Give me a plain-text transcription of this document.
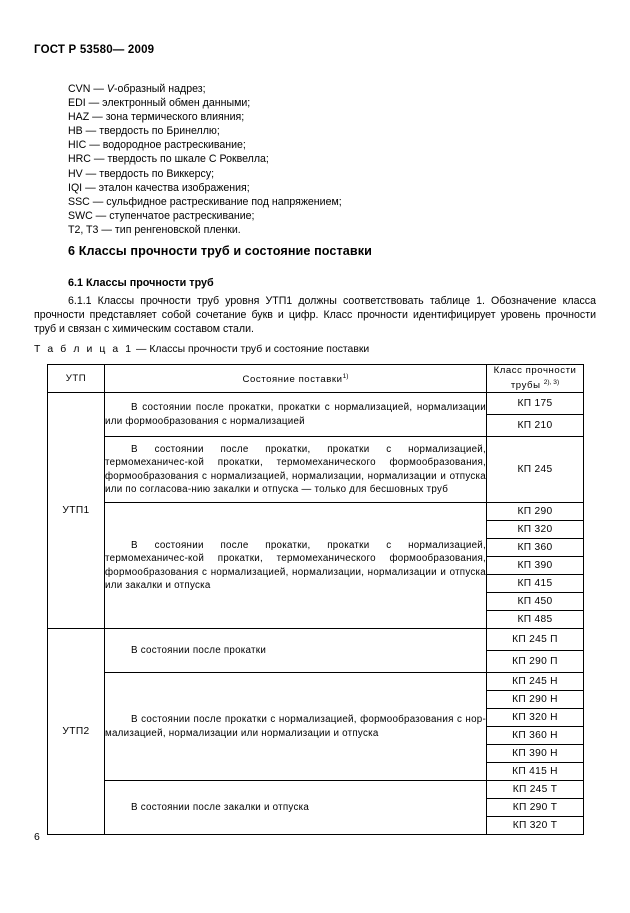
ГОСТ Р 53580— 2009
CVN — V-образный надрез;
EDI — электронный обмен данными;
HAZ — зона термического влияния;
HB — твердость по Бринеллю;
HIC — водородное растрескивание;
HRC — твердость по шкале С Роквелла;
HV — твердость по Виккерсу;
IQI — эталон качества изображения;
SSC — сульфидное растрескивание под напряжением;
SWC — ступенчатое растрескивание;
T2, T3 — тип ренгеновской пленки.
6 Классы прочности труб и состояние поставки
6.1 Классы прочности труб
6.1.1 Классы прочности труб уровня УТП1 должны соответствовать таблице 1. Обозначение класса прочности представляет собой сочетание букв и цифр. Класс прочности идентифицирует уровень прочности труб и связан с химическим составом стали.
Т а б л и ц а 1 — Классы прочности труб и состояние поставки
УТП	Состояние поставки$^{1)}$	Класс прочности
трубы $^{2), 3)}$
УТП1	В состоянии после прокатки, прокатки с нормализацией, нормализации или формообразования с нормализацией	КП 175
		КП 210
	В состоянии после прокатки, прокатки с нормализацией, термомеханичес-кой прокатки, термомеханического формообразования, формообразования с нормализацией, нормализации, нормализации и отпуска или по согласова-нию закалки и отпуска — только для бесшовных труб	КП 245
	В состоянии после прокатки, прокатки с нормализацией, термомеханичес-кой прокатки, термомеханического формообразования, формообразования с нормализацией, нормализации, нормализации и отпуска или закалки и отпуска	КП 290
		КП 320
		КП 360
		КП 390
		КП 415
		КП 450
		КП 485
УТП2	В состоянии после прокатки	КП 245 П
		КП 290 П
	В состоянии после прокатки с нормализацией, формообразования с нор-мализацией, нормализации или нормализации и отпуска	КП 245 Н
		КП 290 Н
		КП 320 Н
		КП 360 Н
		КП 390 Н
		КП 415 Н
	В состоянии после закалки и отпуска	КП 245 Т
		КП 290 Т
		КП 320 Т
6
